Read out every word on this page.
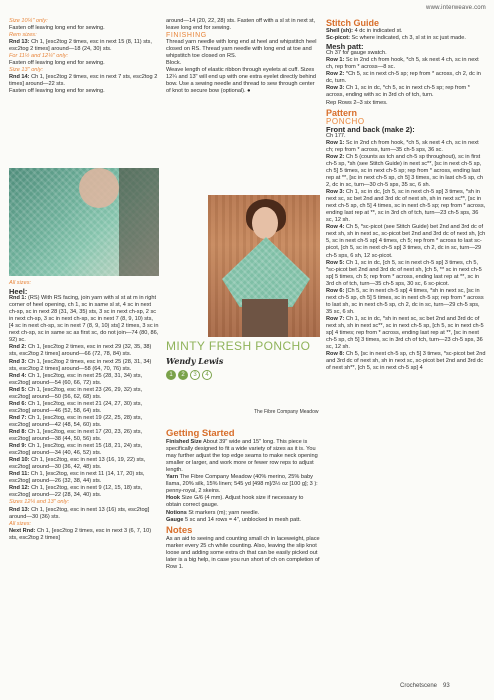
www.interweave.com
Size 10¼" only:
Fasten off leaving long end for sewing.
Rem sizes:
Rnd 13: Ch 1, [esc2tog 2 times, esc in next 15 (8, 11) sts, esc2tog 2 times] around—18 (24, 30) sts.
For 11½ and 12¼" only:
Fasten off leaving long end for sewing.
Size 13" only:
Rnd 14: Ch 1, [esc2tog 2 times, esc in next 7 sts, esc2tog 2 times] around—22 sts.
Fasten off leaving long end for sewing.
All sizes:
Heel:
Rnd 1: (RS) With RS facing, join yarn with sl st at m in right corner of heel opening, ch 1, sc in same sl st, 4 sc in next ch-sp, sc in next 28 (31, 34, 35) sts, 3 sc in next ch-sp, 2 sc in next ch-sp, 3 sc in next ch-sp, sc in next 7 (8, 9, 10) sts, [4 sc in next ch-sp, sc in next 7 (8, 9, 10) sts] 2 times, 3 sc in next ch-sp, sc in same sc as first sc, do not join—74 (80, 86, 92) sc.
Rnd 2: Ch 1, [esc2tog 2 times, esc in next 29 (32, 35, 38) sts, esc2tog 2 times] around—66 (72, 78, 84) sts.
Rnd 3: Ch 1, [esc2tog 2 times, esc in next 25 (28, 31, 34) sts, esc2tog 2 times] around—58 (64, 70, 76) sts.
Rnd 4: Ch 1, [esc2tog, esc in next 25 (28, 31, 34) sts, esc2tog] around—54 (60, 66, 72) sts.
Rnd 5: Ch 1, [esc2tog, esc in next 23 (26, 29, 32) sts, esc2tog] around—50 (56, 62, 68) sts.
Rnd 6: Ch 1, [esc2tog, esc in next 21 (24, 27, 30) sts, esc2tog] around—46 (52, 58, 64) sts.
Rnd 7: Ch 1, [esc2tog, esc in next 19 (22, 25, 28) sts, esc2tog] around—42 (48, 54, 60) sts.
Rnd 8: Ch 1, [esc2tog, esc in next 17 (20, 23, 26) sts, esc2tog] around—38 (44, 50, 56) sts.
Rnd 9: Ch 1, [esc2tog, esc in next 15 (18, 21, 24) sts, esc2tog] around—34 (40, 46, 52) sts.
Rnd 10: Ch 1, [esc2tog, esc in next 13 (16, 19, 22) sts, esc2tog] around—30 (36, 42, 48) sts.
Rnd 11: Ch 1, [esc2tog, esc in next 11 (14, 17, 20) sts, esc2tog] around—26 (32, 38, 44) sts.
Rnd 12: Ch 1, [esc2tog, esc in next 9 (12, 15, 18) sts, esc2tog] around—22 (28, 34, 40) sts.
Sizes 12¼ and 13" only:
Rnd 13: Ch 1, [esc2tog, esc in next 13 (16) sts, esc2tog] around—30 (36) sts.
All sizes:
Next Rnd: Ch 1, [esc2tog 2 times, esc in next 3 (6, 7, 10) sts, esc2tog 2 times]
around—14 (20, 22, 28) sts. Fasten off with a sl st in next st, leave long end for sewing.
FINISHING
Thread yarn needle with long end at heel and whipstitch heel closed on RS. Thread yarn needle with long end at toe and whipstitch toe closed on RS.
Block.
Weave length of elastic ribbon through eyelets at cuff. Sizes 12¼ and 13" will end up with one extra eyelet directly behind bow. Use a sewing needle and thread to sew through center of knot to secure bow (optional). ●
MINTY FRESH PONCHO
Wendy Lewis
1	2	3	4
The Fibre Company Meadow
Getting Started
Finished Size About 39" wide and 15" long. This piece is specifically designed to fit a wide variety of sizes as it is. You may further adjust the top edge seams to make neck opening smaller or larger, and work more or fewer row reps to adjust length.
Yarn The Fibre Company Meadow (40% merino, 25% baby llama, 20% silk, 15% linen; 545 yd [498 m]/3½ oz [100 g]; 3 ): penny-royal, 2 skeins.
Hook Size G/6 (4 mm). Adjust hook size if necessary to obtain correct gauge.
Notions St markers (m); yarn needle.
Gauge 5 sc and 14 rows = 4", unblocked in mesh patt.
Notes
As an aid to seeing and counting small ch in laceweight, place marker every 25 ch while counting. Also, leaving the slip knot loose and adding some extra ch that can be easily picked out later is a big help, in case you run short of ch on completion of Row 1.
Stitch Guide
Shell (sh): 4 dc in indicated st.
Sc-picot: Sc where indicated, ch 3, sl st in sc just made.
Mesh patt:
Ch 37 for gauge swatch.
Row 1: Sc in 2nd ch from hook, *ch 5, sk next 4 ch, sc in next ch, rep from * across—8 sc.
Row 2: *Ch 5, sc in next ch-5 sp; rep from * across, ch 2, dc in dc, turn.
Row 3: Ch 1, sc in dc, *ch 5, sc in next ch-5 sp; rep from * across, ending with sc in 3rd ch of tch, turn.
Rep Rows 2–3 six times.
Pattern
PONCHO
Front and back (make 2):
Ch 177.
Row 1: Sc in 2nd ch from hook, *ch 5, sk next 4 ch, sc in next ch; rep from * across, turn—35 ch-5 sps, 36 sc.
Row 2: Ch 5 (counts as tch and ch-5 sp throughout), sc in first ch-5 sp, *sh (see Stitch Guide) in next sc**, [sc in next ch-5 sp, ch 5] 5 times, sc in next ch-5 sp; rep from * across, ending last rep at **, [sc in next ch-5 sp, ch 5] 3 times, sc in last ch-5 sp, ch 2, dc in sc, turn—30 ch-5 sps, 35 sc, 6 sh.
Row 3: Ch 1, sc in dc, [ch 5, sc in next ch-5 sp] 3 times, *sh in next sc, sc bet 2nd and 3rd dc of next sh, sh in next sc**, [sc in next ch-5 sp, ch 5] 4 times, sc in next ch-5 sp; rep from * across, ending last rep at **, sc in 3rd ch of tch, turn—23 ch-5 sps, 36 sc, 12 sh.
Row 4: Ch 5, *sc-picot (see Stitch Guide) bet 2nd and 3rd dc of next sh, sh in next sc, sc-picot bet 2nd and 3rd dc of next sh, [ch 5, sc in next ch-5 sp] 4 times, ch 5; rep from * across to last sc-picot, [ch 5, sc in next ch-5 sp] 3 times, ch 2, dc in sc, turn—29 ch-5 sps, 6 sh, 12 sc-picot.
Row 5: Ch 1, sc in dc, [ch 5, sc in next ch-5 sp] 3 times, ch 5, *sc-picot bet 2nd and 3rd dc of next sh, [ch 5, ** sc in next ch-5 sp] 5 times, ch 5; rep from * across, ending last rep at **, sc in 3rd ch of tch, turn—35 ch-5 sps, 30 sc, 6 sc-picot.
Row 6: [Ch 5, sc in next ch-5 sp] 4 times, *sh in next sc, [sc in next ch-5 sp, ch 5] 5 times, sc in next ch-5 sp; rep from * across to last sh, sc in next ch-5 sp, ch 2, dc in sc, turn—29 ch-5 sps, 35 sc, 6 sh.
Row 7: Ch 1, sc in dc, *sh in next sc, sc bet 2nd and 3rd dc of next sh, sh in next sc**, sc in next ch-5 sp, [ch 5, sc in next ch-5 sp] 4 times; rep from * across, ending last rep at **, [sc in next ch-5 sp, ch 5] 3 times, sc in 3rd ch of tch, turn—23 ch-5 sps, 36 sc, 12 sh.
Row 8: Ch 5, [sc in next ch-5 sp, ch 5] 3 times, *sc-picot bet 2nd and 3rd dc of next sh, sh in next sc, sc-picot bet 2nd and 3rd dc of next sh**, [ch 5, sc in next ch-5 sp] 4
Crochetscene 93
